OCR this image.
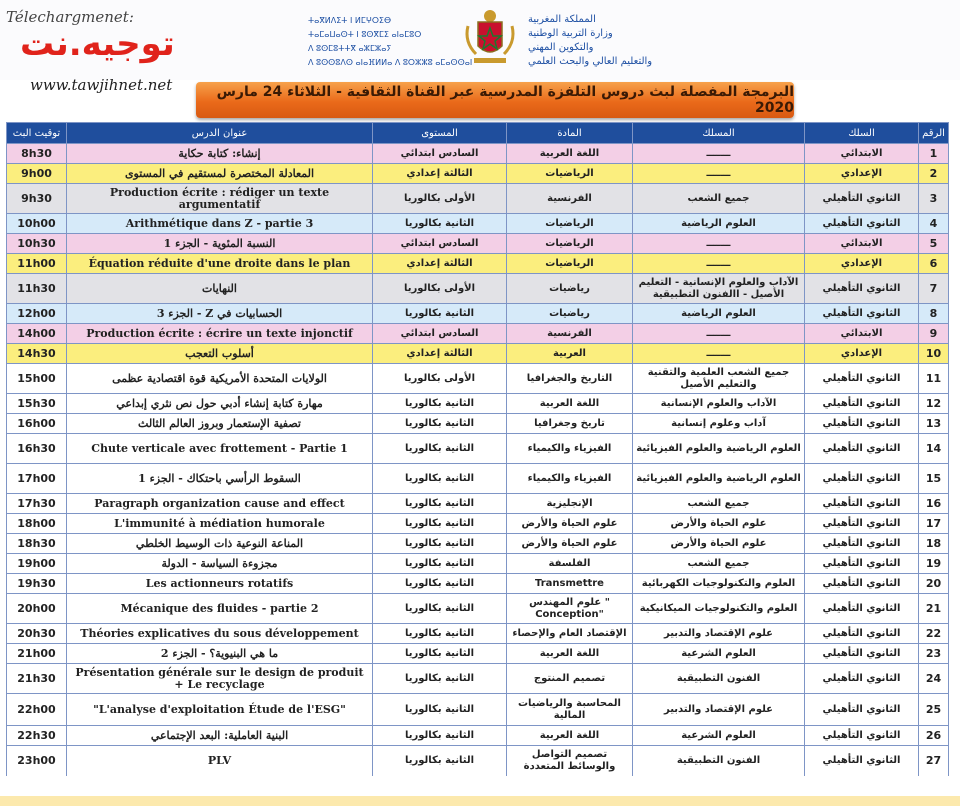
Télechargmenet:
توجيه.نت
www.tawjihnet.net
ⵜⴰⴳⵍⴷⵉⵜ ⵏ ⵍⵎⵖⵔⵉⴱ
ⵜⴰⵎⴰⵡⴰⵙⵜ ⵏ ⵓⵙⴳⵎⵉ ⴰⵏⴰⵎⵓⵔ
ⴷ ⵓⵙⵎⵓⵜⵜⴳ ⴰⵣⵎⵣⴰⵢ
ⴷ ⵓⵙⵙⵓⴷⵙ ⴰⵏⴰⴼⵍⵍⴰ ⴷ ⵓⵔⵣⵣⵓ ⴰⵎⴰⵙⵙⴰⵏ
المملكة المغربية
وزارة التربية الوطنية
والتكوين المهني
والتعليم العالي والبحث العلمي
البرمجة المفصلة لبث دروس التلفزة المدرسية عبر القناة الثقافية - الثلاثاء 24 مارس 2020
توقيت البث	عنوان الدرس	المستوى	المادة	المسلك	السلك	الرقم
8h30	إنشاء: كتابة حكاية	السادس ابتدائي	اللغة العربية	ـــــــ	الابتدائي	1
9h00	المعادلة المختصرة لمستقيم في المستوى	الثالثة إعدادي	الرياضيات	ـــــــ	الإعدادي	2
9h30	Production écrite : rédiger un texte argumentatif	الأولى بكالوريا	الفرنسية	جميع الشعب	الثانوي التأهيلي	3
10h00	Arithmétique dans Z - partie 3	الثانية بكالوريا	الرياضيات	العلوم الرياضية	الثانوي التأهيلي	4
10h30	النسبة المئوية - الجزء 1	السادس ابتدائي	الرياضيات	ـــــــ	الابتدائي	5
11h00	Équation réduite d'une droite dans le plan	الثالثة إعدادي	الرياضيات	ـــــــ	الإعدادي	6
11h30	النهايات	الأولى بكالوريا	رياضيات	الآداب والعلوم الإنسانية - التعليم الأصيل - االفنون التطبيقية	الثانوي التأهيلي	7
12h00	الحسابيات في Z - الجزء 3	الثانية بكالوريا	رياضيات	العلوم الرياضية	الثانوي التأهيلي	8
14h00	Production écrite : écrire un texte injonctif	السادس ابتدائي	الفرنسية	ـــــــ	الابتدائي	9
14h30	أسلوب التعجب	الثالثة إعدادي	العربية	ـــــــ	الإعدادي	10
15h00	الولايات المتحدة الأمريكية قوة اقتصادية عظمى	الأولى بكالوريا	التاريخ والجغرافيا	جميع الشعب العلمية والتقنية والتعليم الأصيل	الثانوي التأهيلي	11
15h30	مهارة كتابة إنشاء أدبي حول نص نثري إبداعي	الثانية بكالوريا	اللغة العربية	الآداب والعلوم الإنسانية	الثانوي التأهيلي	12
16h00	تصفية الإستعمار وبروز العالم الثالث	الثانية بكالوريا	تاريخ وجغرافيا	آداب وعلوم إنسانية	الثانوي التأهيلي	13
16h30	Chute verticale avec frottement - Partie 1	الثانية بكالوريا	الفيزياء والكيمياء	العلوم الرياضية والعلوم الفيزيائية	الثانوي التأهيلي	14
17h00	السقوط الرأسي باحتكاك - الجزء 1	الثانية بكالوريا	الفيزياء والكيمياء	العلوم الرياضية والعلوم الفيزيائية	الثانوي التأهيلي	15
17h30	Paragraph organization cause and effect	الثانية بكالوريا	الإنجليزية	جميع الشعب	الثانوي التأهيلي	16
18h00	L'immunité à médiation humorale	الثانية بكالوريا	علوم الحياة والأرض	علوم الحياة والأرض	الثانوي التأهيلي	17
18h30	المناعة النوعية ذات الوسيط الخلطي	الثانية بكالوريا	علوم الحياة والأرض	علوم الحياة والأرض	الثانوي التأهيلي	18
19h00	مجزوءة السياسة - الدولة	الثانية بكالوريا	الفلسفة	جميع الشعب	الثانوي التأهيلي	19
19h30	Les actionneurs rotatifs	الثانية بكالوريا	Transmettre	العلوم والتكنولوجيات الكهربائية	الثانوي التأهيلي	20
20h00	Mécanique des fluides - partie 2	الثانية بكالوريا	" علوم المهندس "Conception	العلوم والتكنولوجيات الميكانيكية	الثانوي التأهيلي	21
20h30	Théories explicatives du sous développement	الثانية بكالوريا	الإقتصاد العام والإحصاء	علوم الإقتصاد والتدبير	الثانوي التأهيلي	22
21h00	ما هي البنيوية؟ - الجزء 2	الثانية بكالوريا	اللغة العربية	العلوم الشرعية	الثانوي التأهيلي	23
21h30	Présentation générale sur le design de produit + Le recyclage	الثانية بكالوريا	تصميم المنتوج	الفنون التطبيقية	الثانوي التأهيلي	24
22h00	"L'analyse d'exploitation Étude de l'ESG"	الثانية بكالوريا	المحاسبة والرياضيات المالية	علوم الإقتصاد والتدبير	الثانوي التأهيلي	25
22h30	البنية العاملية: البعد الإجتماعي	الثانية بكالوريا	اللغة العربية	العلوم الشرعية	الثانوي التأهيلي	26
23h00	PLV	الثانية بكالوريا	تصميم التواصل والوسائط المتعددة	الفنون التطبيقية	الثانوي التأهيلي	27
